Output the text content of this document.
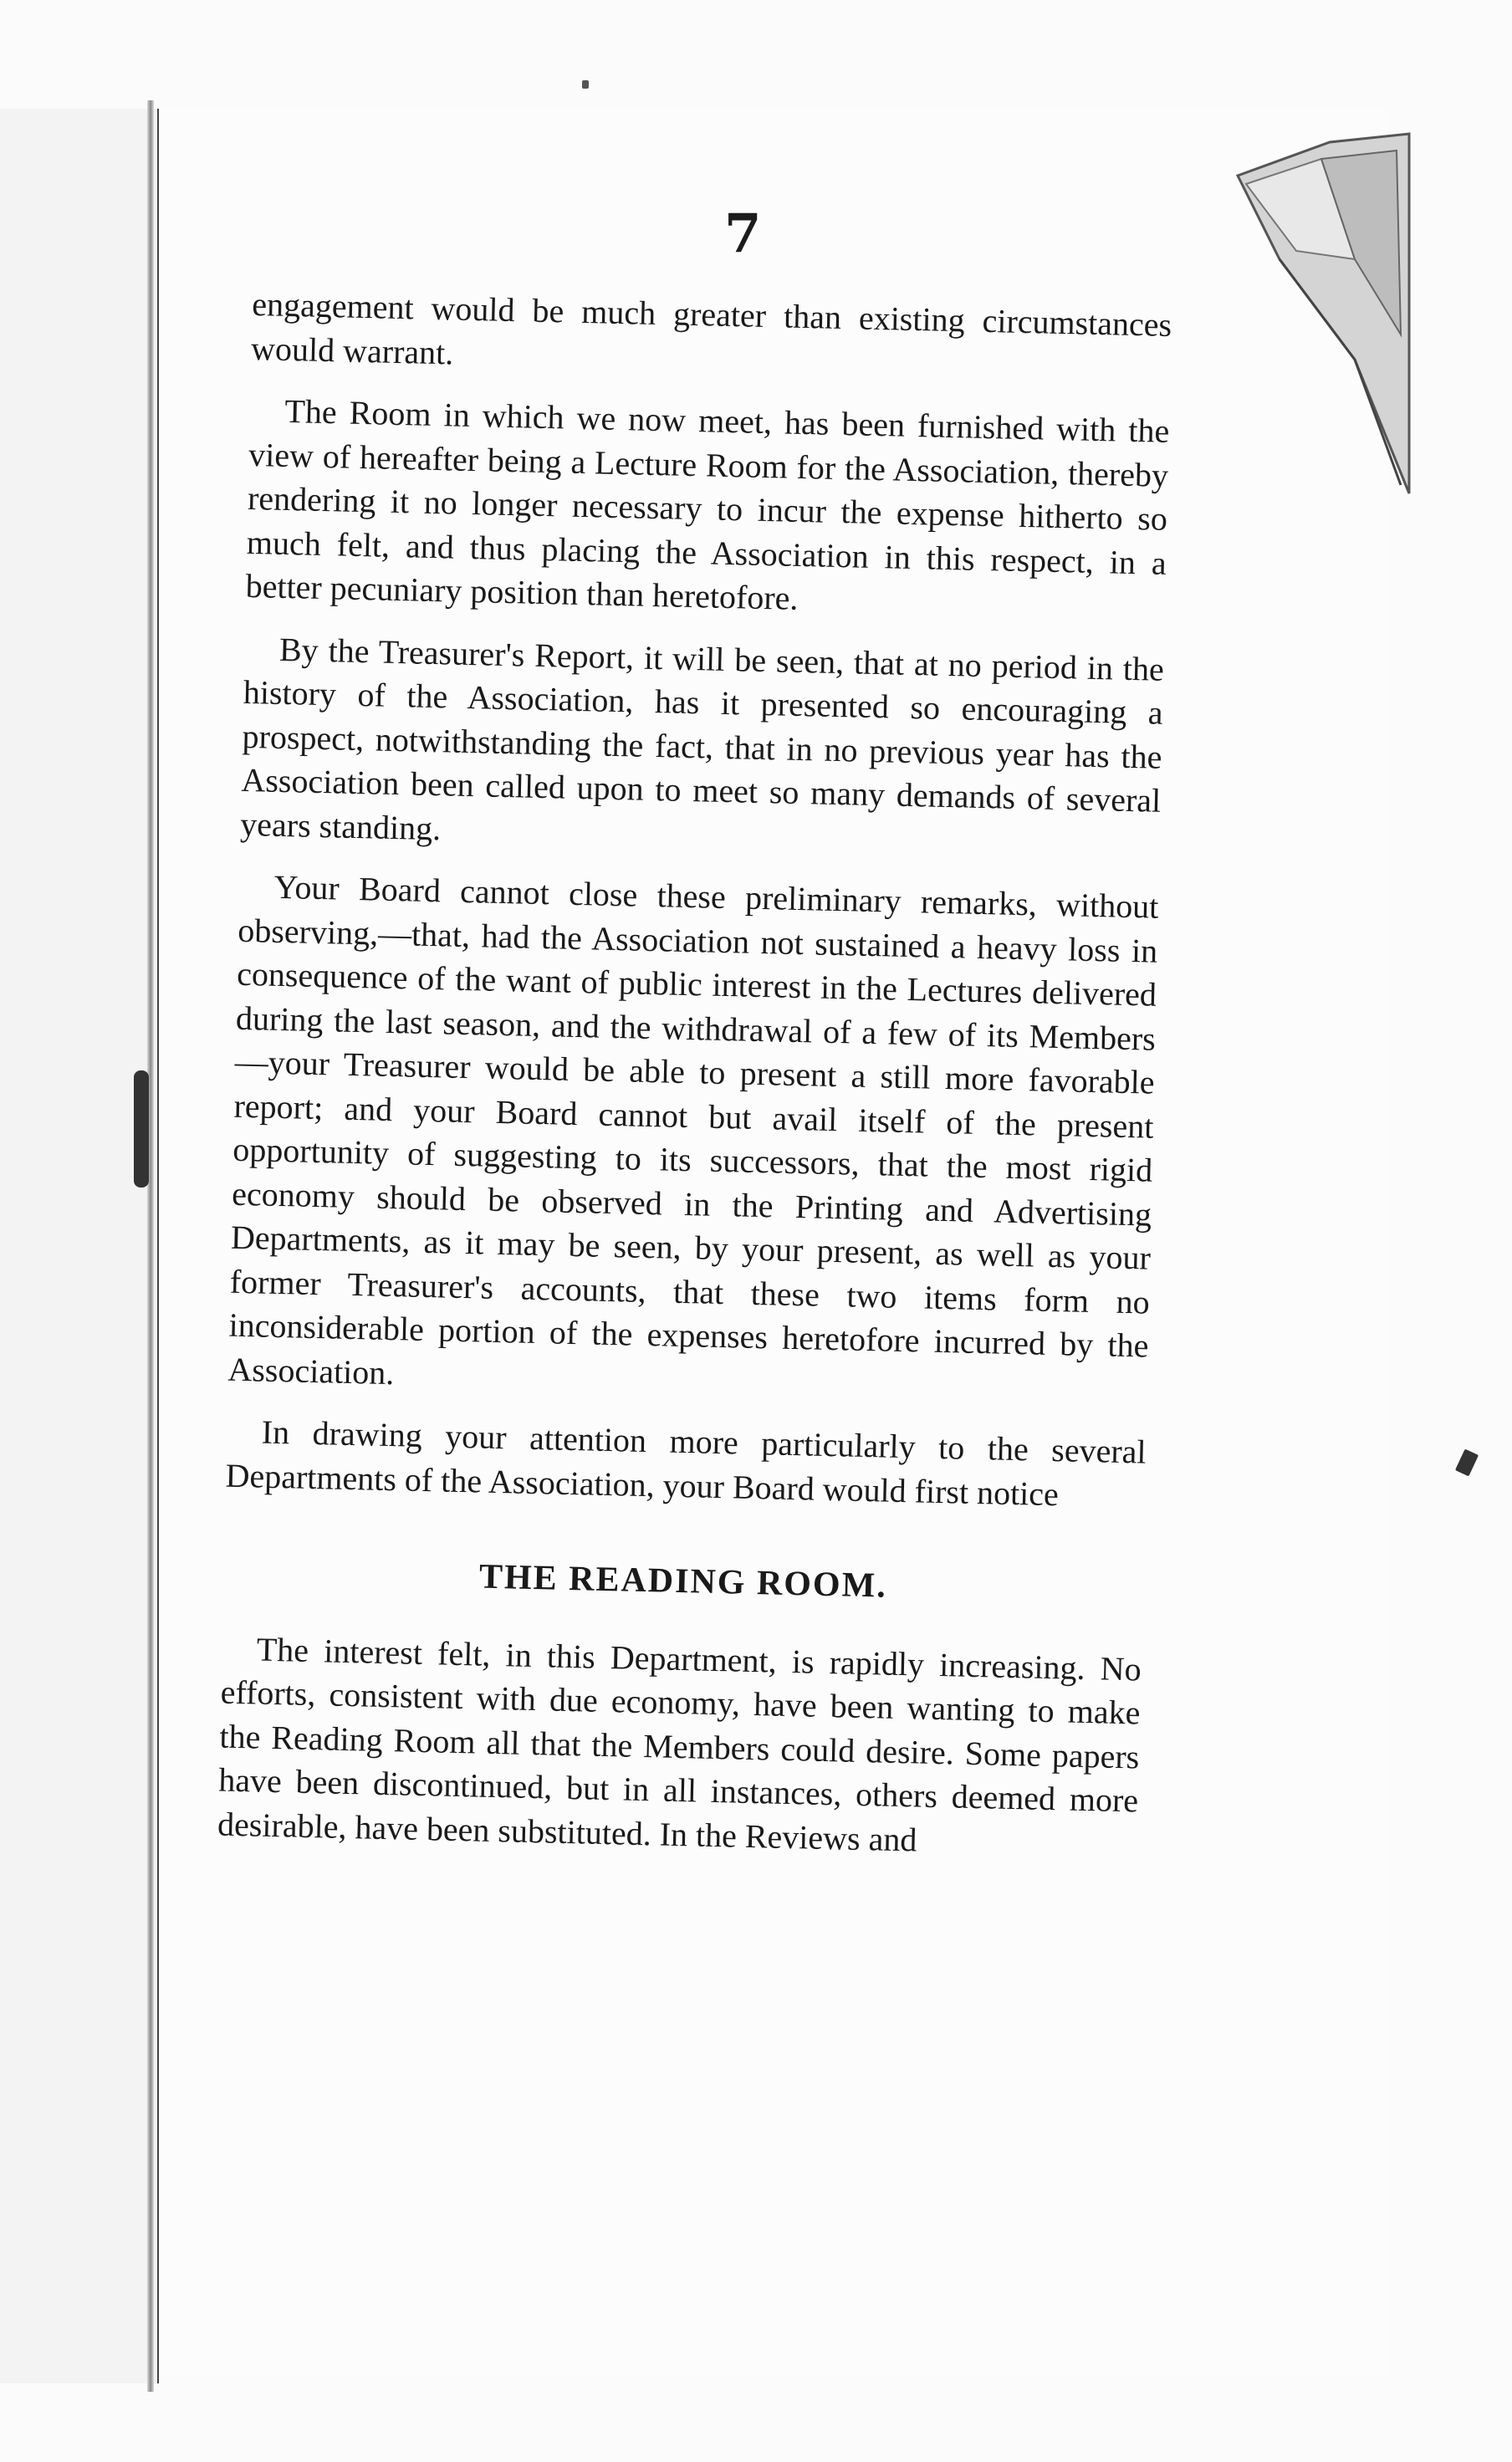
7

engagement would be much greater than existing circumstances would warrant.

The Room in which we now meet, has been furnished with the view of hereafter being a Lecture Room for the Association, thereby rendering it no longer necessary to incur the expense hitherto so much felt, and thus placing the Association in this respect, in a better pecuniary position than heretofore.

By the Treasurer's Report, it will be seen, that at no period in the history of the Association, has it presented so encouraging a prospect, notwithstanding the fact, that in no previous year has the Association been called upon to meet so many demands of several years standing.

Your Board cannot close these preliminary remarks, without observing,—that, had the Association not sustained a heavy loss in consequence of the want of public interest in the Lectures delivered during the last season, and the withdrawal of a few of its Members—your Treasurer would be able to present a still more favorable report; and your Board cannot but avail itself of the present opportunity of suggesting to its successors, that the most rigid economy should be observed in the Printing and Advertising Departments, as it may be seen, by your present, as well as your former Treasurer's accounts, that these two items form no inconsiderable portion of the expenses heretofore incurred by the Association.

In drawing your attention more particularly to the several Departments of the Association, your Board would first notice

THE READING ROOM.

The interest felt, in this Department, is rapidly increasing. No efforts, consistent with due economy, have been wanting to make the Reading Room all that the Members could desire. Some papers have been discontinued, but in all instances, others deemed more desirable, have been substituted. In the Reviews and
